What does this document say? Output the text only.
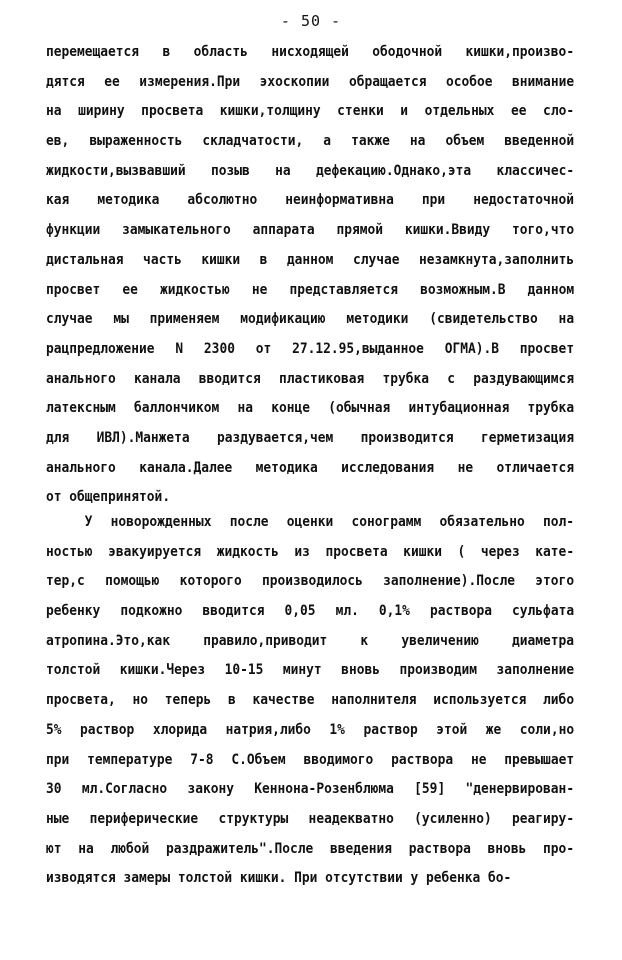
- 50 -
перемещается в область нисходящей ободочной кишки,произво-
дятся ее измерения.При эхоскопии обращается особое внимание
на ширину просвета кишки,толщину стенки и отдельных ее сло-
ев, выраженность складчатости, а также на объем введенной
жидкости,вызвавший позыв на дефекацию.Однако,эта классичес-
кая методика абсолютно неинформативна при недостаточной
функции замыкательного аппарата прямой кишки.Ввиду того,что
дистальная часть кишки в данном случае незамкнута,заполнить
просвет ее жидкостью не представляется возможным.В данном
случае мы применяем модификацию методики (свидетельство на
рацпредложение N 2300 от 27.12.95,выданное ОГМА).В просвет
анального канала вводится пластиковая трубка с раздувающимся
латексным баллончиком на конце (обычная интубационная трубка
для ИВЛ).Манжета раздувается,чем производится герметизация
анального канала.Далее методика исследования не отличается
от общепринятой.
У новорожденных после оценки сонограмм обязательно пол-
ностью эвакуируется жидкость из просвета кишки ( через кате-
тер,с помощью которого производилось заполнение).После этого
ребенку подкожно вводится 0,05 мл. 0,1% раствора сульфата
атропина.Это,как правило,приводит к увеличению диаметра
толстой кишки.Через 10-15 минут вновь производим заполнение
просвета, но теперь в качестве наполнителя используется либо
5% раствор хлорида натрия,либо 1% раствор этой же соли,но
при температуре 7-8 С.Объем вводимого раствора не превышает
30 мл.Согласно закону Кеннона-Розенблюма [59] "денервирован-
ные периферические структуры неадекватно (усиленно) реагиру-
ют на любой раздражитель".После введения раствора вновь про-
изводятся замеры толстой кишки. При отсутствии у ребенка бо-
